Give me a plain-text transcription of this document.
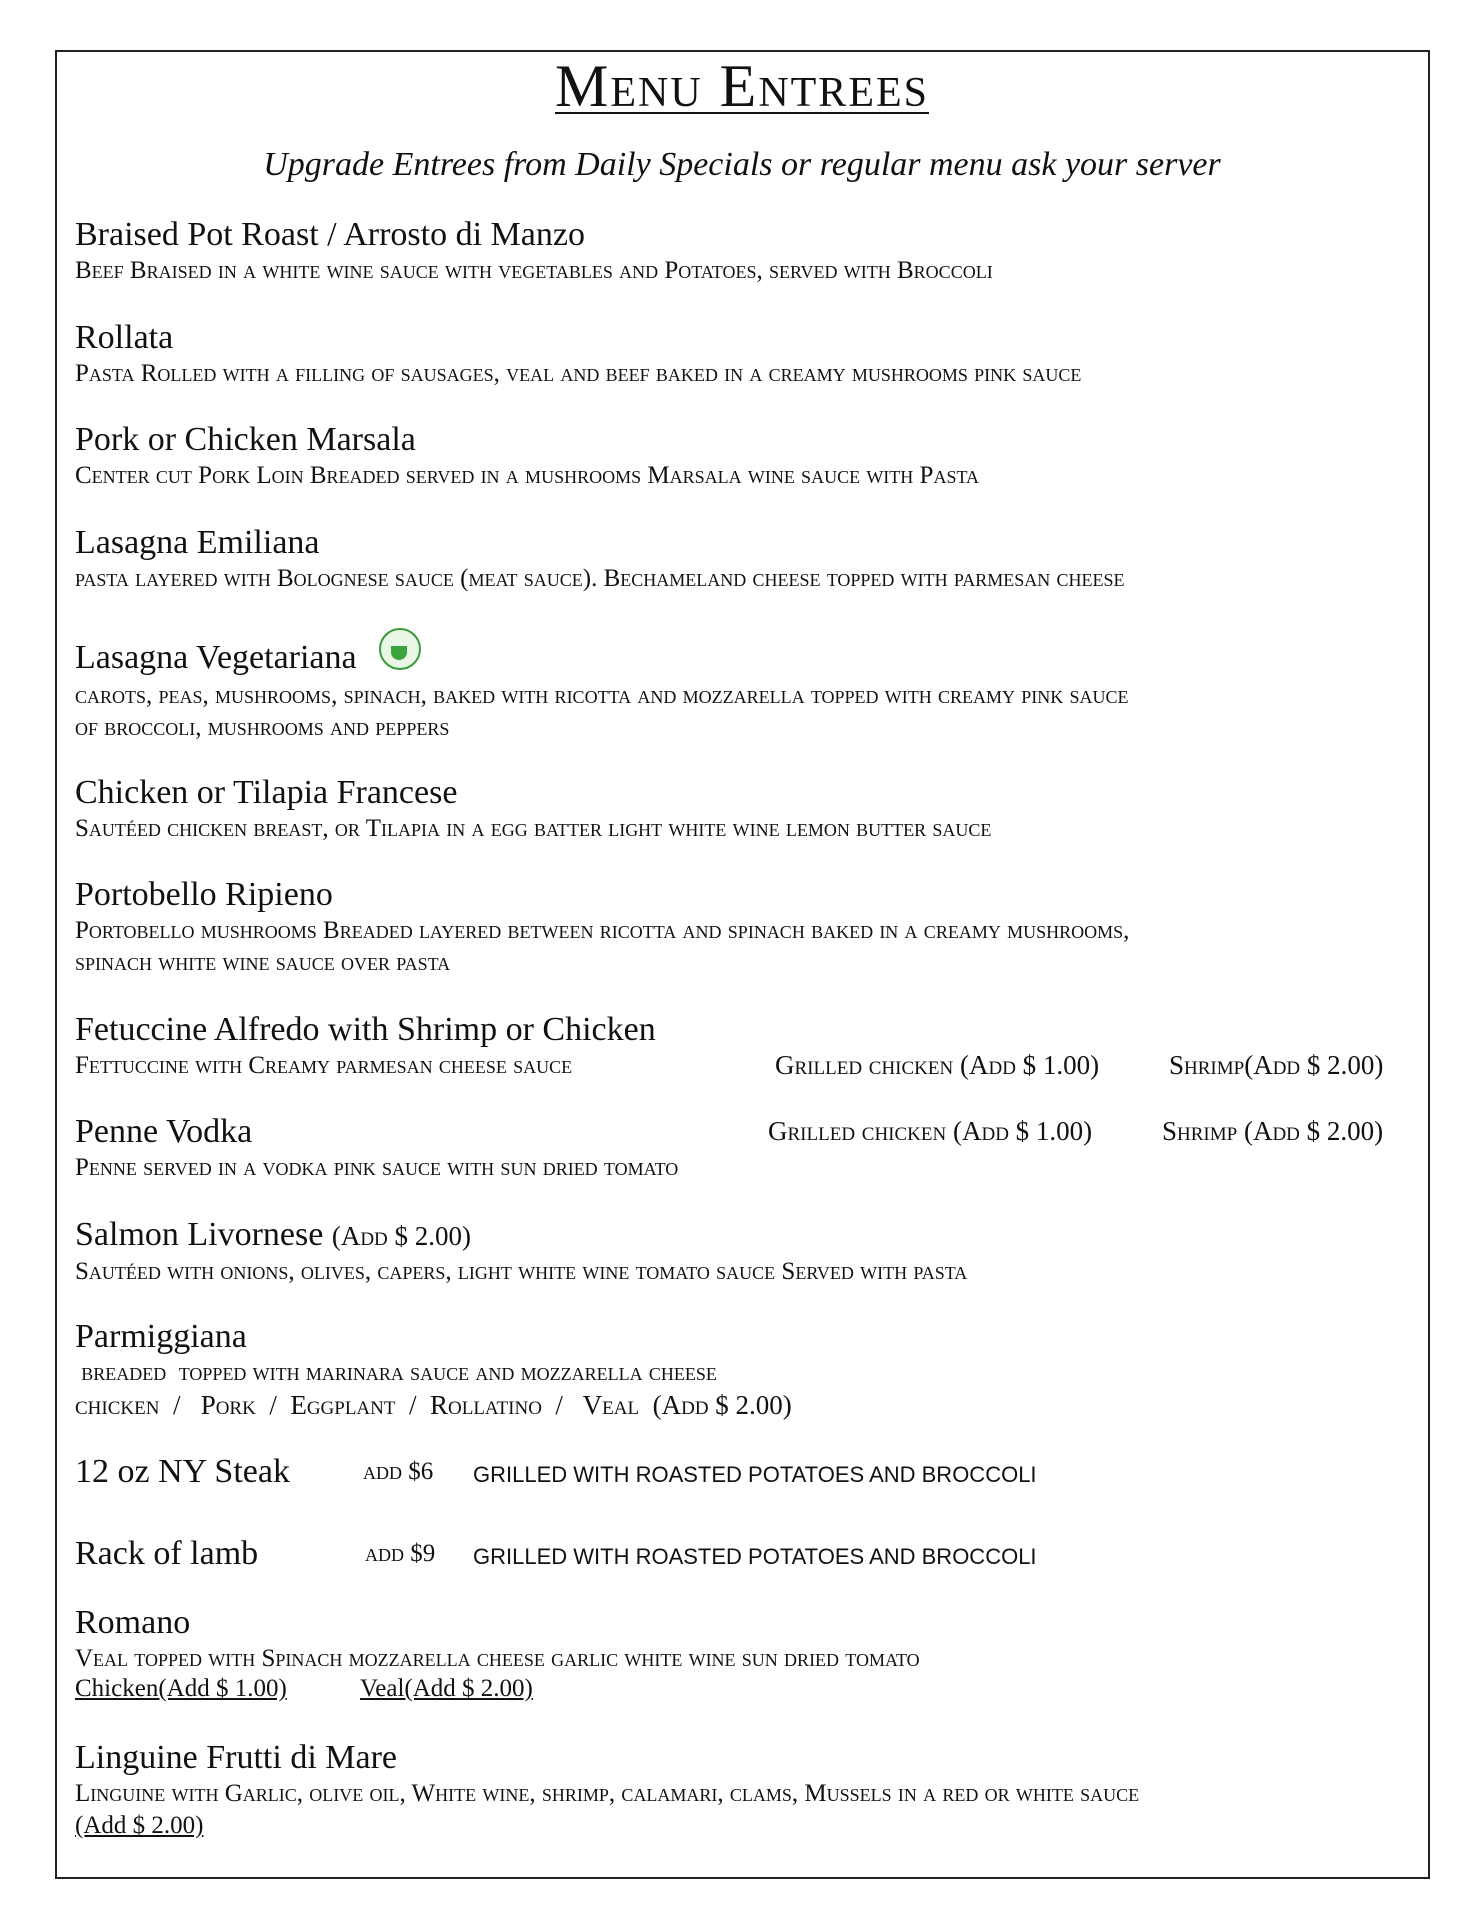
Menu Entrees
Upgrade Entrees from Daily Specials or regular menu ask your server
Braised Pot Roast / Arrosto di Manzo
Beef Braised in a white wine sauce with vegetables and Potatoes, served with Broccoli
Rollata
Pasta Rolled with a filling of sausages, veal and beef baked in a creamy mushrooms pink sauce
Pork or Chicken Marsala
Center cut Pork Loin Breaded served in a mushrooms Marsala wine sauce with Pasta
Lasagna Emiliana
pasta layered with Bolognese sauce (meat sauce). Bechameland cheese topped with parmesan cheese
Lasagna Vegetariana
carots, peas, mushrooms, spinach, baked with ricotta and mozzarella topped with creamy pink sauce
of broccoli, mushrooms and peppers
Chicken or Tilapia Francese
Sautéed chicken breast, or Tilapia in a egg batter light white wine lemon butter sauce
Portobello Ripieno
Portobello mushrooms Breaded layered between ricotta and spinach baked in a creamy mushrooms,
spinach white wine sauce over pasta
Fetuccine Alfredo with Shrimp or Chicken
Fettuccine with Creamy parmesan cheese sauce	Grilled chicken (Add $ 1.00)	Shrimp(Add $ 2.00)
Penne Vodka	Grilled chicken (Add $ 1.00)	Shrimp (Add $ 2.00)
Penne served in a vodka pink sauce with sun dried tomato
Salmon Livornese (Add $ 2.00)
Sautéed with onions, olives, capers, light white wine tomato sauce Served with pasta
Parmiggiana
breaded  topped with marinara sauce and mozzarella cheese
chicken  /   Pork  /  Eggplant  /  Rollatino  /   Veal  (Add $ 2.00)
12 oz NY Steak	add $6 GRILLED WITH ROASTED POTATOES AND BROCCOLI
Rack of lamb	add $9 GRILLED WITH ROASTED POTATOES AND BROCCOLI
Romano
Veal topped with Spinach mozzarella cheese garlic white wine sun dried tomato
Chicken(Add $ 1.00)	Veal(Add $ 2.00)
Linguine Frutti di Mare
Linguine with Garlic, olive oil, White wine, shrimp, calamari, clams, Mussels in a red or white sauce
(Add $ 2.00)
